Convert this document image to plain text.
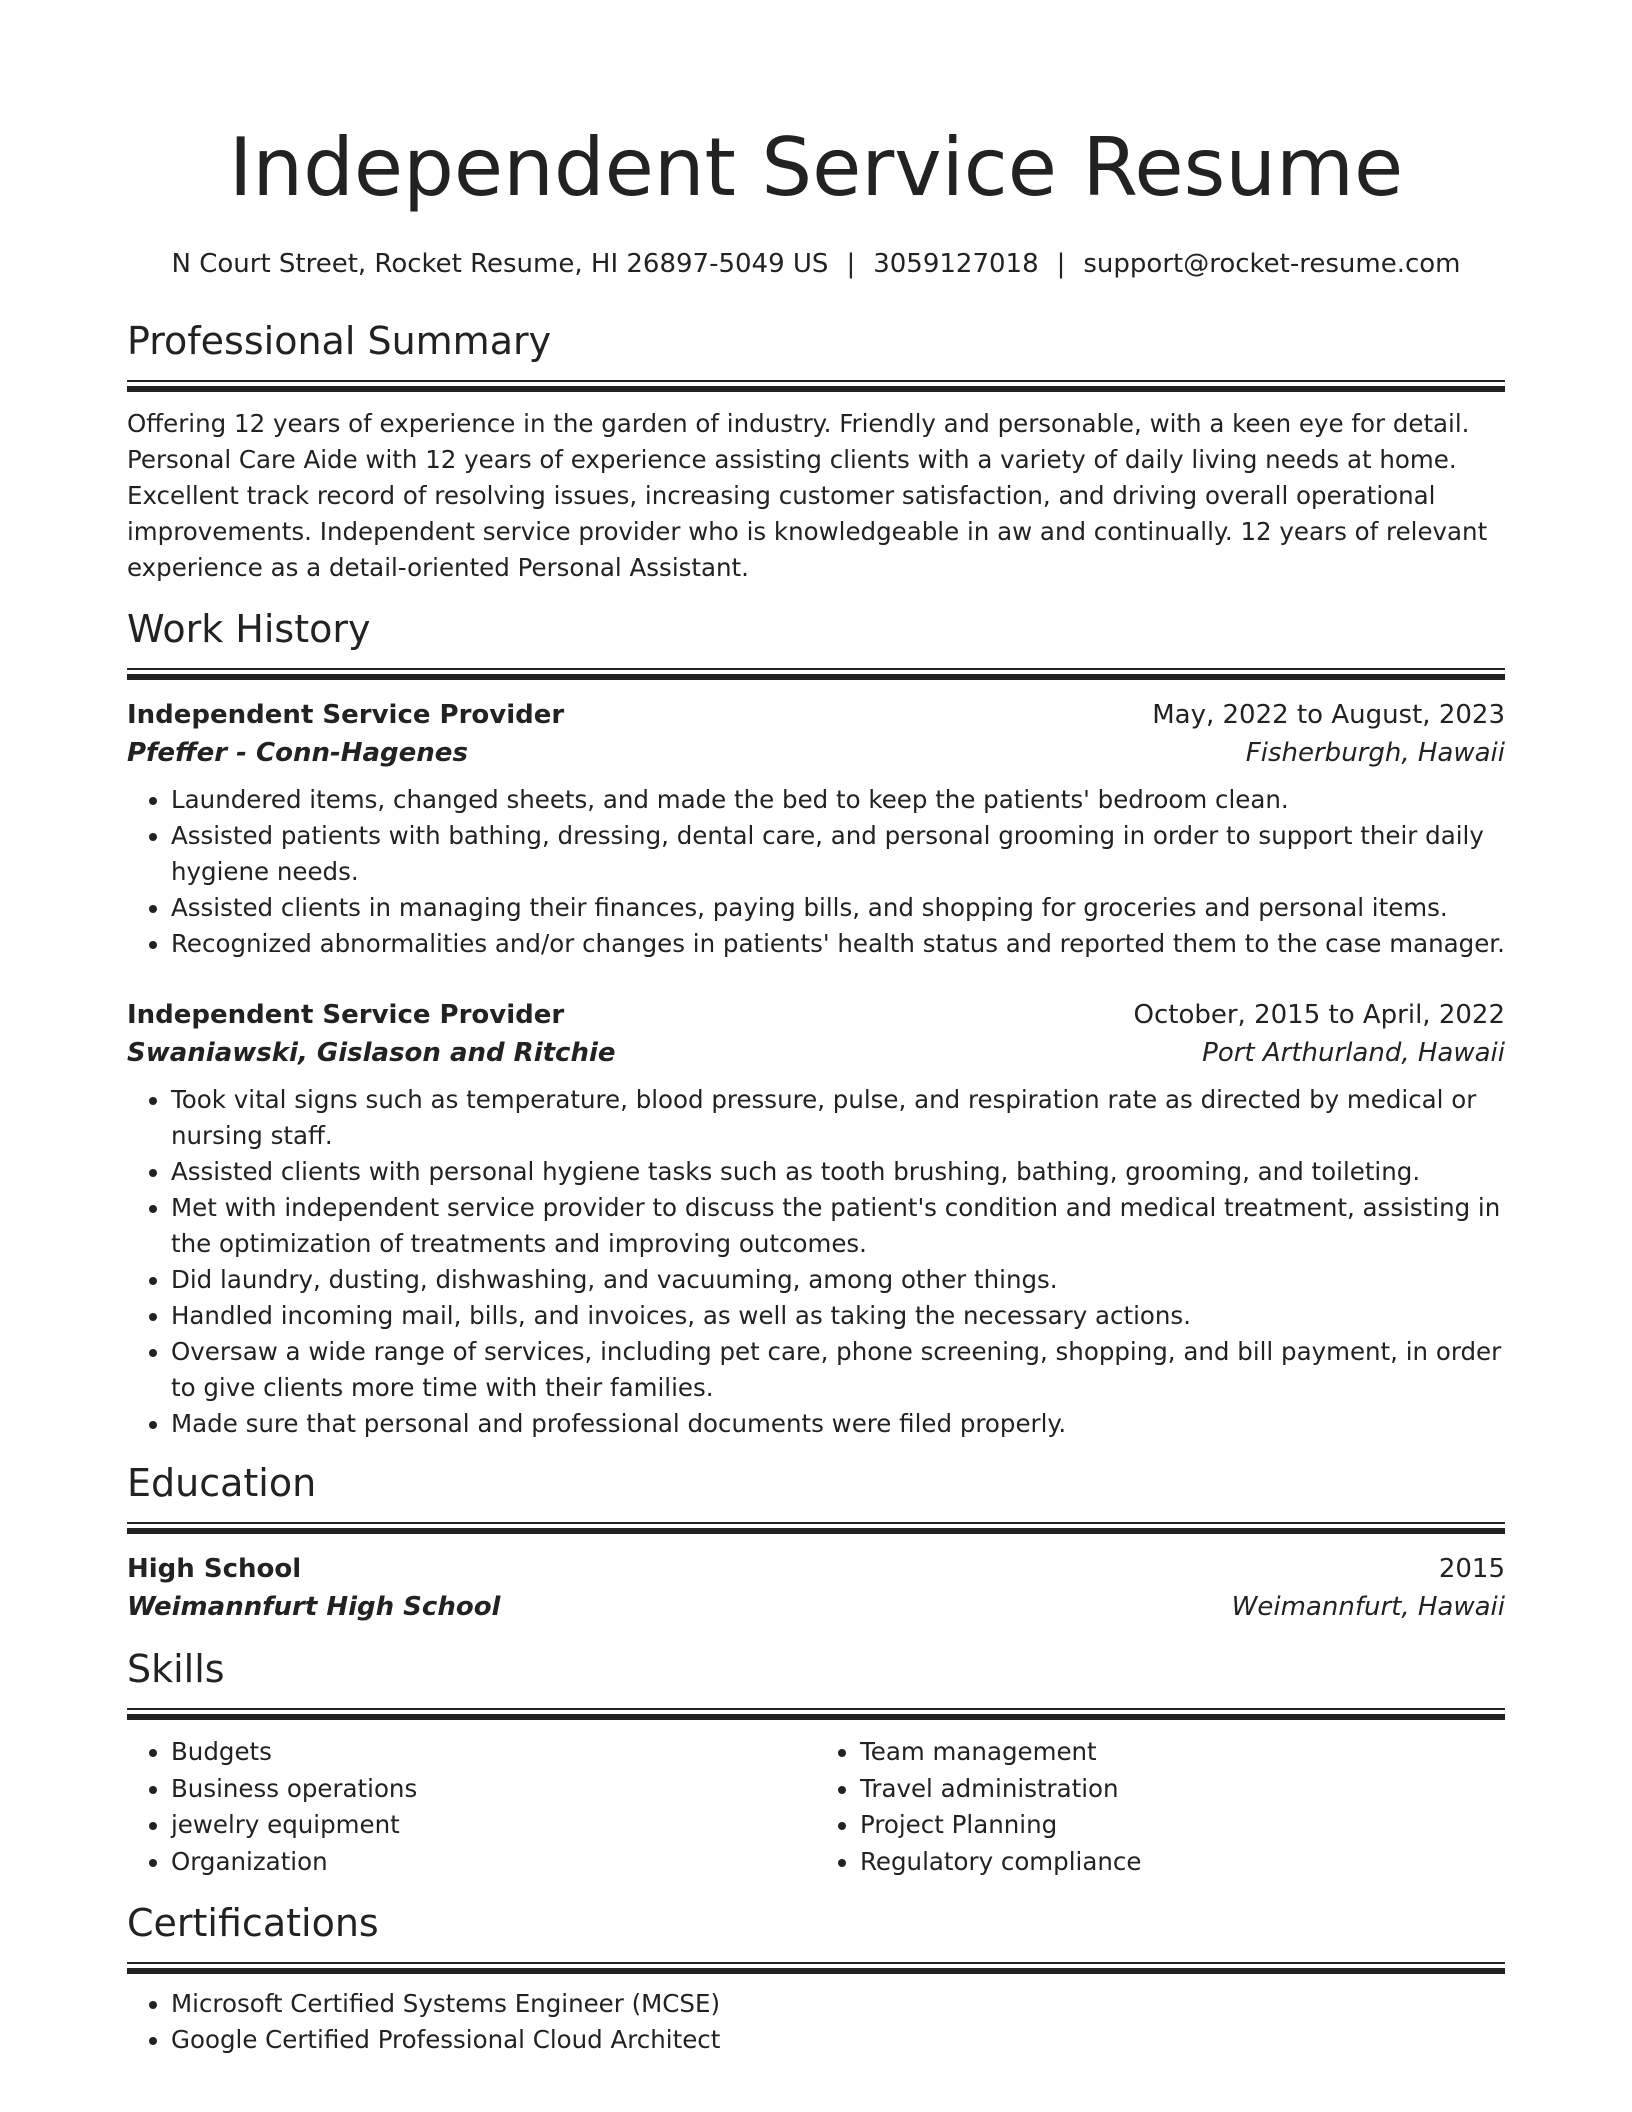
Independent Service Resume
N Court Street, Rocket Resume, HI 26897-5049 US | 3059127018 | support@rocket-resume.com
Professional Summary

Offering 12 years of experience in the garden of industry. Friendly and personable, with a keen eye for detail. Personal Care Aide with 12 years of experience assisting clients with a variety of daily living needs at home. Excellent track record of resolving issues, increasing customer satisfaction, and driving overall operational improvements. Independent service provider who is knowledgeable in aw and continually. 12 years of relevant experience as a detail-oriented Personal Assistant.

Work History
Independent Service Provider	May, 2022 to August, 2023
Pfeffer - Conn-Hagenes	Fisherburgh, Hawaii
• Laundered items, changed sheets, and made the bed to keep the patients' bedroom clean.
• Assisted patients with bathing, dressing, dental care, and personal grooming in order to support their daily hygiene needs.
• Assisted clients in managing their finances, paying bills, and shopping for groceries and personal items.
• Recognized abnormalities and/or changes in patients' health status and reported them to the case manager.
Independent Service Provider	October, 2015 to April, 2022
Swaniawski, Gislason and Ritchie	Port Arthurland, Hawaii
• Took vital signs such as temperature, blood pressure, pulse, and respiration rate as directed by medical or nursing staff.
• Assisted clients with personal hygiene tasks such as tooth brushing, bathing, grooming, and toileting.
• Met with independent service provider to discuss the patient's condition and medical treatment, assisting in the optimization of treatments and improving outcomes.
• Did laundry, dusting, dishwashing, and vacuuming, among other things.
• Handled incoming mail, bills, and invoices, as well as taking the necessary actions.
• Oversaw a wide range of services, including pet care, phone screening, shopping, and bill payment, in order to give clients more time with their families.
• Made sure that personal and professional documents were filed properly.
Education
High School	2015
Weimannfurt High School	Weimannfurt, Hawaii
Skills
• Budgets
• Business operations
• jewelry equipment
• Organization
• Team management
• Travel administration
• Project Planning
• Regulatory compliance
Certifications
• Microsoft Certified Systems Engineer (MCSE)
• Google Certified Professional Cloud Architect
